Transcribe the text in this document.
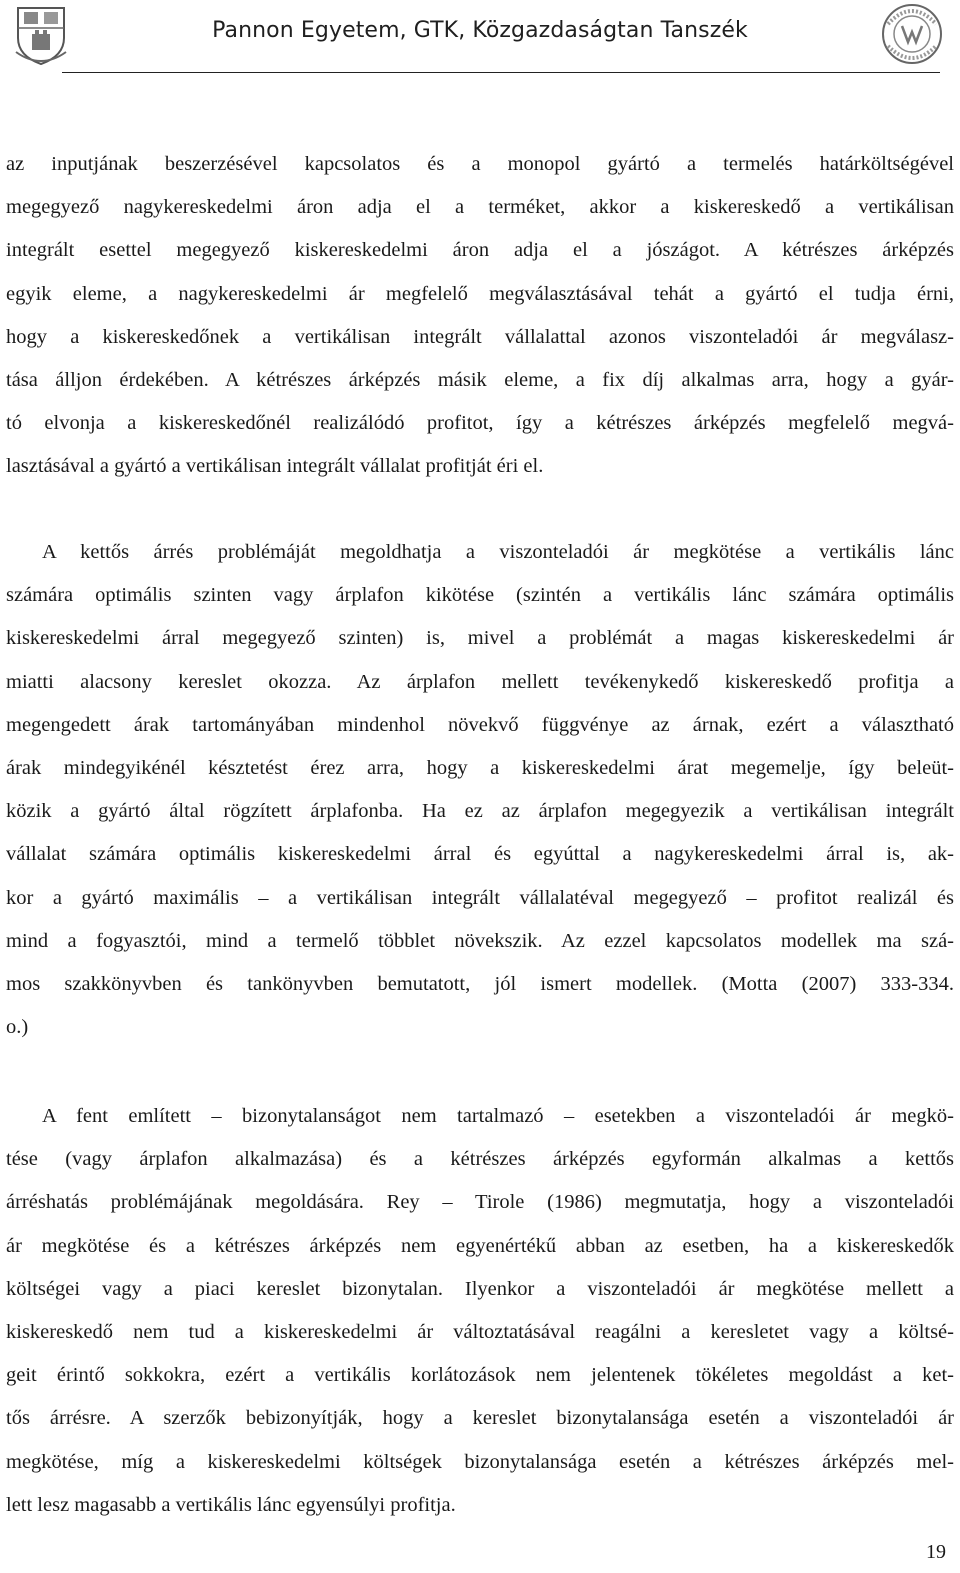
Pannon Egyetem, GTK, Közgazdaságtan Tanszék

az inputjának beszerzésével kapcsolatos és a monopol gyártó a termelés határköltségével
megegyező nagykereskedelmi áron adja el a terméket, akkor a kiskereskedő a vertikálisan
integrált esettel megegyező kiskereskedelmi áron adja el a jószágot. A kétrészes árképzés
egyik eleme, a nagykereskedelmi ár megfelelő megválasztásával tehát a gyártó el tudja érni,
hogy a kiskereskedőnek a vertikálisan integrált vállalattal azonos viszonteladói ár megválasz-
tása álljon érdekében. A kétrészes árképzés másik eleme, a fix díj alkalmas arra, hogy a gyár-
tó elvonja a kiskereskedőnél realizálódó profitot, így a kétrészes árképzés megfelelő megvá-
lasztásával a gyártó a vertikálisan integrált vállalat profitját éri el.

A kettős árrés problémáját megoldhatja a viszonteladói ár megkötése a vertikális lánc
számára optimális szinten vagy árplafon kikötése (szintén a vertikális lánc számára optimális
kiskereskedelmi árral megegyező szinten) is, mivel a problémát a magas kiskereskedelmi ár
miatti alacsony kereslet okozza. Az árplafon mellett tevékenykedő kiskereskedő profitja a
megengedett árak tartományában mindenhol növekvő függvénye az árnak, ezért a választható
árak mindegyikénél késztetést érez arra, hogy a kiskereskedelmi árat megemelje, így beleüt-
közik a gyártó által rögzített árplafonba. Ha ez az árplafon megegyezik a vertikálisan integrált
vállalat számára optimális kiskereskedelmi árral és egyúttal a nagykereskedelmi árral is, ak-
kor a gyártó maximális – a vertikálisan integrált vállalatéval megegyező – profitot realizál és
mind a fogyasztói, mind a termelő többlet növekszik. Az ezzel kapcsolatos modellek ma szá-
mos szakkönyvben és tankönyvben bemutatott, jól ismert modellek. (Motta (2007) 333-334.
o.)

A fent említett – bizonytalanságot nem tartalmazó – esetekben a viszonteladói ár megkö-
tése (vagy árplafon alkalmazása) és a kétrészes árképzés egyformán alkalmas a kettős
árréshatás problémájának megoldására. Rey – Tirole (1986) megmutatja, hogy a viszonteladói
ár megkötése és a kétrészes árképzés nem egyenértékű abban az esetben, ha a kiskereskedők
költségei vagy a piaci kereslet bizonytalan. Ilyenkor a viszonteladói ár megkötése mellett a
kiskereskedő nem tud a kiskereskedelmi ár változtatásával reagálni a keresletet vagy a költsé-
geit érintő sokkokra, ezért a vertikális korlátozások nem jelentenek tökéletes megoldást a ket-
tős árrésre. A szerzők bebizonyítják, hogy a kereslet bizonytalansága esetén a viszonteladói ár
megkötése, míg a kiskereskedelmi költségek bizonytalansága esetén a kétrészes árképzés mel-
lett lesz magasabb a vertikális lánc egyensúlyi profitja.

19
